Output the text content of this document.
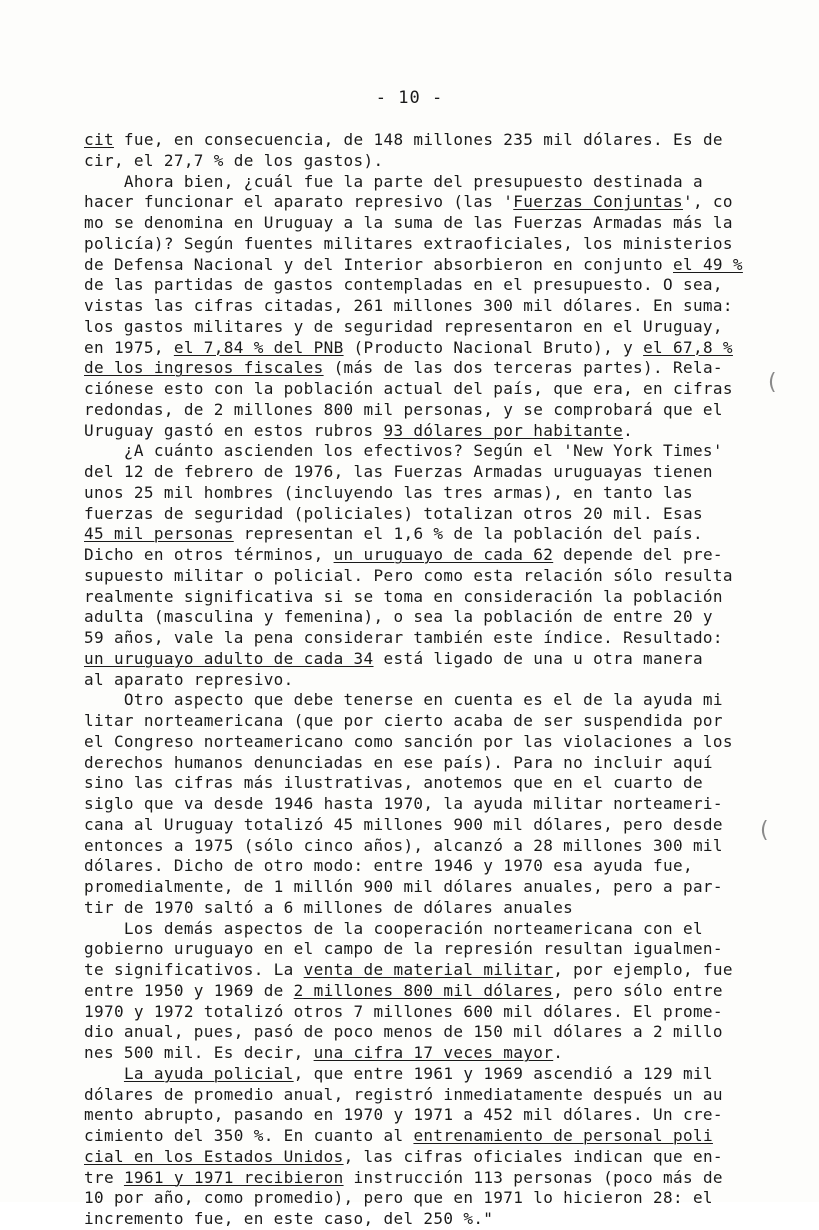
- 10 -
cit fue, en consecuencia, de 148 millones 235 mil dólares. Es de
cir, el 27,7 % de los gastos).
Ahora bien, ¿cuál fue la parte del presupuesto destinada a
hacer funcionar el aparato represivo (las 'Fuerzas Conjuntas', co
mo se denomina en Uruguay a la suma de las Fuerzas Armadas más la
policía)? Según fuentes militares extraoficiales, los ministerios
de Defensa Nacional y del Interior absorbieron en conjunto el 49 %
de las partidas de gastos contempladas en el presupuesto. O sea,
vistas las cifras citadas, 261 millones 300 mil dólares. En suma:
los gastos militares y de seguridad representaron en el Uruguay,
en 1975, el 7,84 % del PNB (Producto Nacional Bruto), y el 67,8 %
de los ingresos fiscales (más de las dos terceras partes). Rela-
ciónese esto con la población actual del país, que era, en cifras
redondas, de 2 millones 800 mil personas, y se comprobará que el
Uruguay gastó en estos rubros 93 dólares por habitante.
¿A cuánto ascienden los efectivos? Según el 'New York Times'
del 12 de febrero de 1976, las Fuerzas Armadas uruguayas tienen
unos 25 mil hombres (incluyendo las tres armas), en tanto las
fuerzas de seguridad (policiales) totalizan otros 20 mil. Esas
45 mil personas representan el 1,6 % de la población del país.
Dicho en otros términos, un uruguayo de cada 62 depende del pre-
supuesto militar o policial. Pero como esta relación sólo resulta
realmente significativa si se toma en consideración la población
adulta (masculina y femenina), o sea la población de entre 20 y
59 años, vale la pena considerar también este índice. Resultado:
un uruguayo adulto de cada 34 está ligado de una u otra manera
al aparato represivo.
Otro aspecto que debe tenerse en cuenta es el de la ayuda mi
litar norteamericana (que por cierto acaba de ser suspendida por
el Congreso norteamericano como sanción por las violaciones a los
derechos humanos denunciadas en ese país). Para no incluir aquí
sino las cifras más ilustrativas, anotemos que en el cuarto de
siglo que va desde 1946 hasta 1970, la ayuda militar norteameri-
cana al Uruguay totalizó 45 millones 900 mil dólares, pero desde
entonces a 1975 (sólo cinco años), alcanzó a 28 millones 300 mil
dólares. Dicho de otro modo: entre 1946 y 1970 esa ayuda fue,
promedialmente, de 1 millón 900 mil dólares anuales, pero a par-
tir de 1970 saltó a 6 millones de dólares anuales
Los demás aspectos de la cooperación norteamericana con el
gobierno uruguayo en el campo de la represión resultan igualmen-
te significativos. La venta de material militar, por ejemplo, fue
entre 1950 y 1969 de 2 millones 800 mil dólares, pero sólo entre
1970 y 1972 totalizó otros 7 millones 600 mil dólares. El prome-
dio anual, pues, pasó de poco menos de 150 mil dólares a 2 millo
nes 500 mil. Es decir, una cifra 17 veces mayor.
La ayuda policial, que entre 1961 y 1969 ascendió a 129 mil
dólares de promedio anual, registró inmediatamente después un au
mento abrupto, pasando en 1970 y 1971 a 452 mil dólares. Un cre-
cimiento del 350 %. En cuanto al entrenamiento de personal poli
cial en los Estados Unidos, las cifras oficiales indican que en-
tre 1961 y 1971 recibieron instrucción 113 personas (poco más de
10 por año, como promedio), pero que en 1971 lo hicieron 28: el
incremento fue, en este caso, del 250 %."
(
(
